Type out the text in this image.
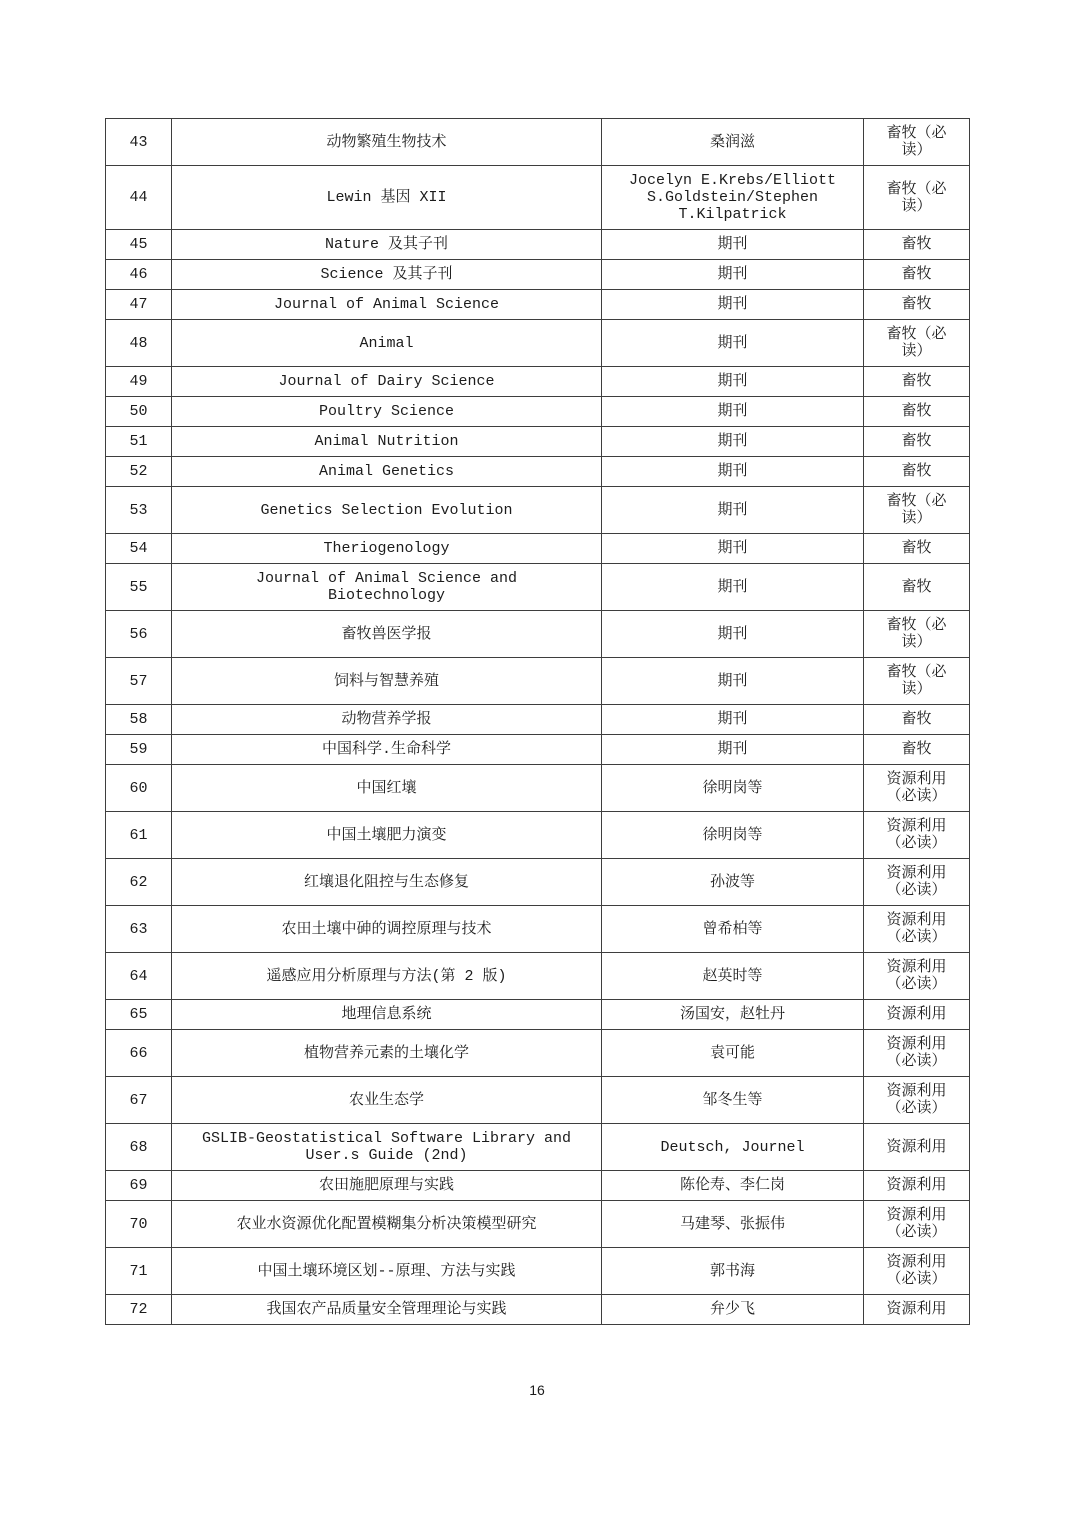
43	动物繁殖生物技术	桑润滋	畜牧（必读）
44	Lewin 基因 XII	Jocelyn E.Krebs/Elliott S.Goldstein/Stephen T.Kilpatrick	畜牧（必读）
45	Nature 及其子刊	期刊	畜牧
46	Science 及其子刊	期刊	畜牧
47	Journal of Animal Science	期刊	畜牧
48	Animal	期刊	畜牧（必读）
49	Journal of Dairy Science	期刊	畜牧
50	Poultry Science	期刊	畜牧
51	Animal Nutrition	期刊	畜牧
52	Animal Genetics	期刊	畜牧
53	Genetics Selection Evolution	期刊	畜牧（必读）
54	Theriogenology	期刊	畜牧
55	Journal of Animal Science and Biotechnology	期刊	畜牧
56	畜牧兽医学报	期刊	畜牧（必读）
57	饲料与智慧养殖	期刊	畜牧（必读）
58	动物营养学报	期刊	畜牧
59	中国科学.生命科学	期刊	畜牧
60	中国红壤	徐明岗等	资源利用（必读）
61	中国土壤肥力演变	徐明岗等	资源利用（必读）
62	红壤退化阻控与生态修复	孙波等	资源利用（必读）
63	农田土壤中砷的调控原理与技术	曾希柏等	资源利用（必读）
64	遥感应用分析原理与方法(第 2 版)	赵英时等	资源利用（必读）
65	地理信息系统	汤国安，赵牡丹	资源利用
66	植物营养元素的土壤化学	袁可能	资源利用（必读）
67	农业生态学	邹冬生等	资源利用（必读）
68	GSLIB-Geostatistical Software Library and User.s Guide (2nd)	Deutsch, Journel	资源利用
69	农田施肥原理与实践	陈伦寿、李仁岗	资源利用
70	农业水资源优化配置模糊集分析决策模型研究	马建琴、张振伟	资源利用（必读）
71	中国土壤环境区划--原理、方法与实践	郭书海	资源利用（必读）
72	我国农产品质量安全管理理论与实践	弁少飞	资源利用
16
